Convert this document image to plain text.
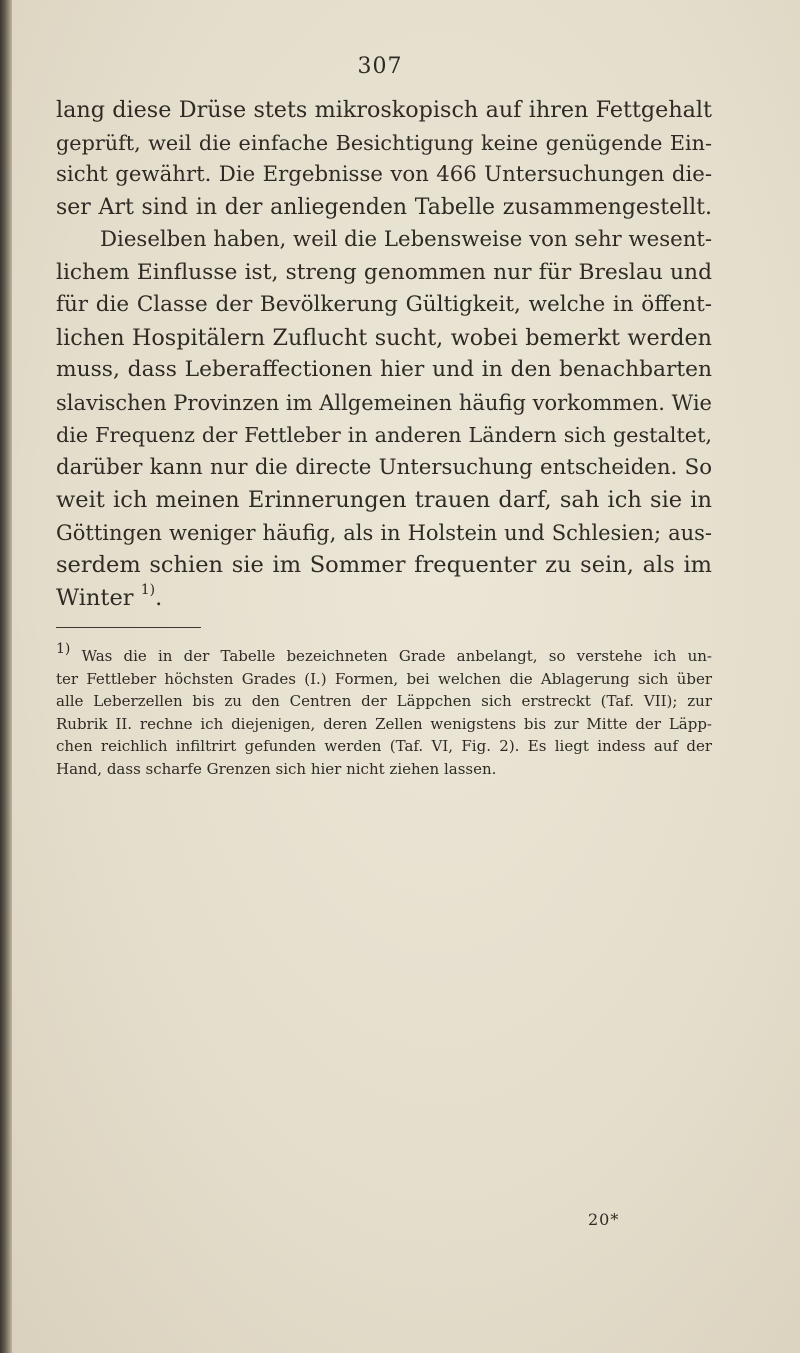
307
lang diese Drüse stets mikroskopisch auf ihren Fettgehalt
geprüft, weil die einfache Besichtigung keine genügende Ein-
sicht gewährt. Die Ergebnisse von 466 Untersuchungen die-
ser Art sind in der anliegenden Tabelle zusammengestellt.
Dieselben haben, weil die Lebensweise von sehr wesent-
lichem Einflusse ist, streng genommen nur für Breslau und
für die Classe der Bevölkerung Gültigkeit, welche in öffent-
lichen Hospitälern Zuflucht sucht, wobei bemerkt werden
muss, dass Leberaffectionen hier und in den benachbarten
slavischen Provinzen im Allgemeinen häufig vorkommen. Wie
die Frequenz der Fettleber in anderen Ländern sich gestaltet,
darüber kann nur die directe Untersuchung entscheiden. So
weit ich meinen Erinnerungen trauen darf, sah ich sie in
Göttingen weniger häufig, als in Holstein und Schlesien; aus-
serdem schien sie im Sommer frequenter zu sein, als im
Winter $^{1)}$.
$^{1)}$ Was die in der Tabelle bezeichneten Grade anbelangt, so verstehe ich un-
ter Fettleber höchsten Grades (I.) Formen, bei welchen die Ablagerung sich über
alle Leberzellen bis zu den Centren der Läppchen sich erstreckt (Taf. VII); zur
Rubrik II. rechne ich diejenigen, deren Zellen wenigstens bis zur Mitte der Läpp-
chen reichlich infiltrirt gefunden werden (Taf. VI, Fig. 2). Es liegt indess auf der
Hand, dass scharfe Grenzen sich hier nicht ziehen lassen.
20*
